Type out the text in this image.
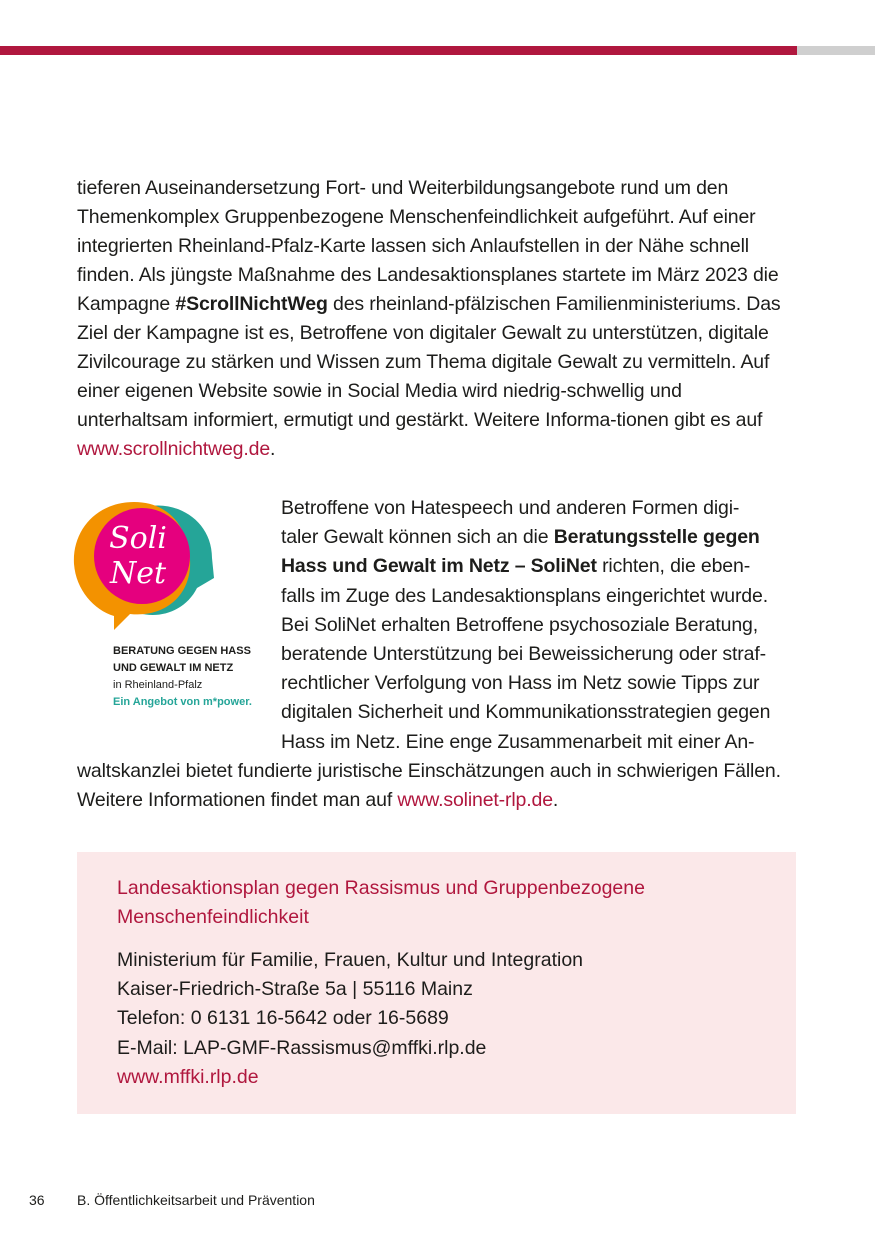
tieferen Auseinandersetzung Fort- und Weiterbildungsangebote rund um den Themenkomplex Gruppenbezogene Menschenfeindlichkeit aufgeführt. Auf einer integrierten Rheinland-Pfalz-Karte lassen sich Anlaufstellen in der Nähe schnell finden. Als jüngste Maßnahme des Landesaktionsplanes startete im März 2023 die Kampagne #ScrollNichtWeg des rheinland-pfälzischen Familienministeriums. Das Ziel der Kampagne ist es, Betroffene von digitaler Gewalt zu unterstützen, digitale Zivilcourage zu stärken und Wissen zum Thema digitale Gewalt zu vermitteln. Auf einer eigenen Website sowie in Social Media wird niedrig-schwellig und unterhaltsam informiert, ermutigt und gestärkt. Weitere Informa-tionen gibt es auf www.scrollnichtweg.de.

Soli
Net
BERATUNG GEGEN HASS
UND GEWALT IM NETZ
in Rheinland-Pfalz
Ein Angebot von m*power.
Betroffene von Hatespeech und anderen Formen digi-
taler Gewalt können sich an die Beratungsstelle gegen
Hass und Gewalt im Netz – SoliNet richten, die eben-
falls im Zuge des Landesaktionsplans eingerichtet wurde.
Bei SoliNet erhalten Betroffene psychosoziale Beratung,
beratende Unterstützung bei Beweissicherung oder straf-
rechtlicher Verfolgung von Hass im Netz sowie Tipps zur
digitalen Sicherheit und Kommunikationsstrategien gegen
Hass im Netz. Eine enge Zusammenarbeit mit einer An-
waltskanzlei bietet fundierte juristische Einschätzungen auch in schwierigen Fällen.
Weitere Informationen findet man auf www.solinet-rlp.de.
Landesaktionsplan gegen Rassismus und Gruppenbezogene Menschenfeindlichkeit
Ministerium für Familie, Frauen, Kultur und Integration
Kaiser-Friedrich-Straße 5a | 55116 Mainz
Telefon: 0 6131 16-5642 oder 16-5689
E-Mail: LAP-GMF-Rassismus@mffki.rlp.de
www.mffki.rlp.de
36 B. Öffentlichkeitsarbeit und Prävention
